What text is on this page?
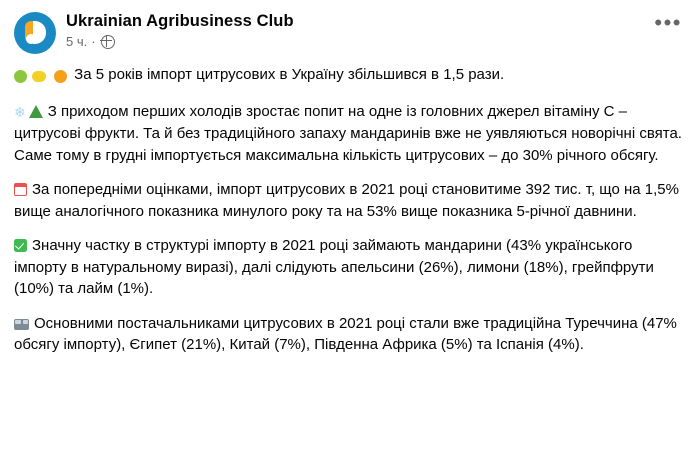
Ukrainian Agribusiness Club
5 ч. ·
•••

За 5 років імпорт цитрусових в Україну збільшився в 1,5 рази.

❄ З приходом перших холодів зростає попит на одне із головних джерел вітаміну С – цитрусові фрукти. Та й без традиційного запаху мандаринів вже не уявляються новорічні свята. Саме тому в грудні імпортується максимальна кількість цитрусових – до 30% річного обсягу.

За попередніми оцінками, імпорт цитрусових в 2021 році становитиме 392 тис. т, що на 1,5% вище аналогічного показника минулого року та на 53% вище показника 5-річної давнини.

Значну частку в структурі імпорту в 2021 році займають мандарини (43% українського імпорту в натуральному виразі), далі слідують апельсини (26%), лимони (18%), грейпфрути (10%) та лайм (1%).

Основними постачальниками цитрусових в 2021 році стали вже традиційна Туреччина (47% обсягу імпорту), Єгипет (21%), Китай (7%), Південна Африка (5%) та Іспанія (4%).
